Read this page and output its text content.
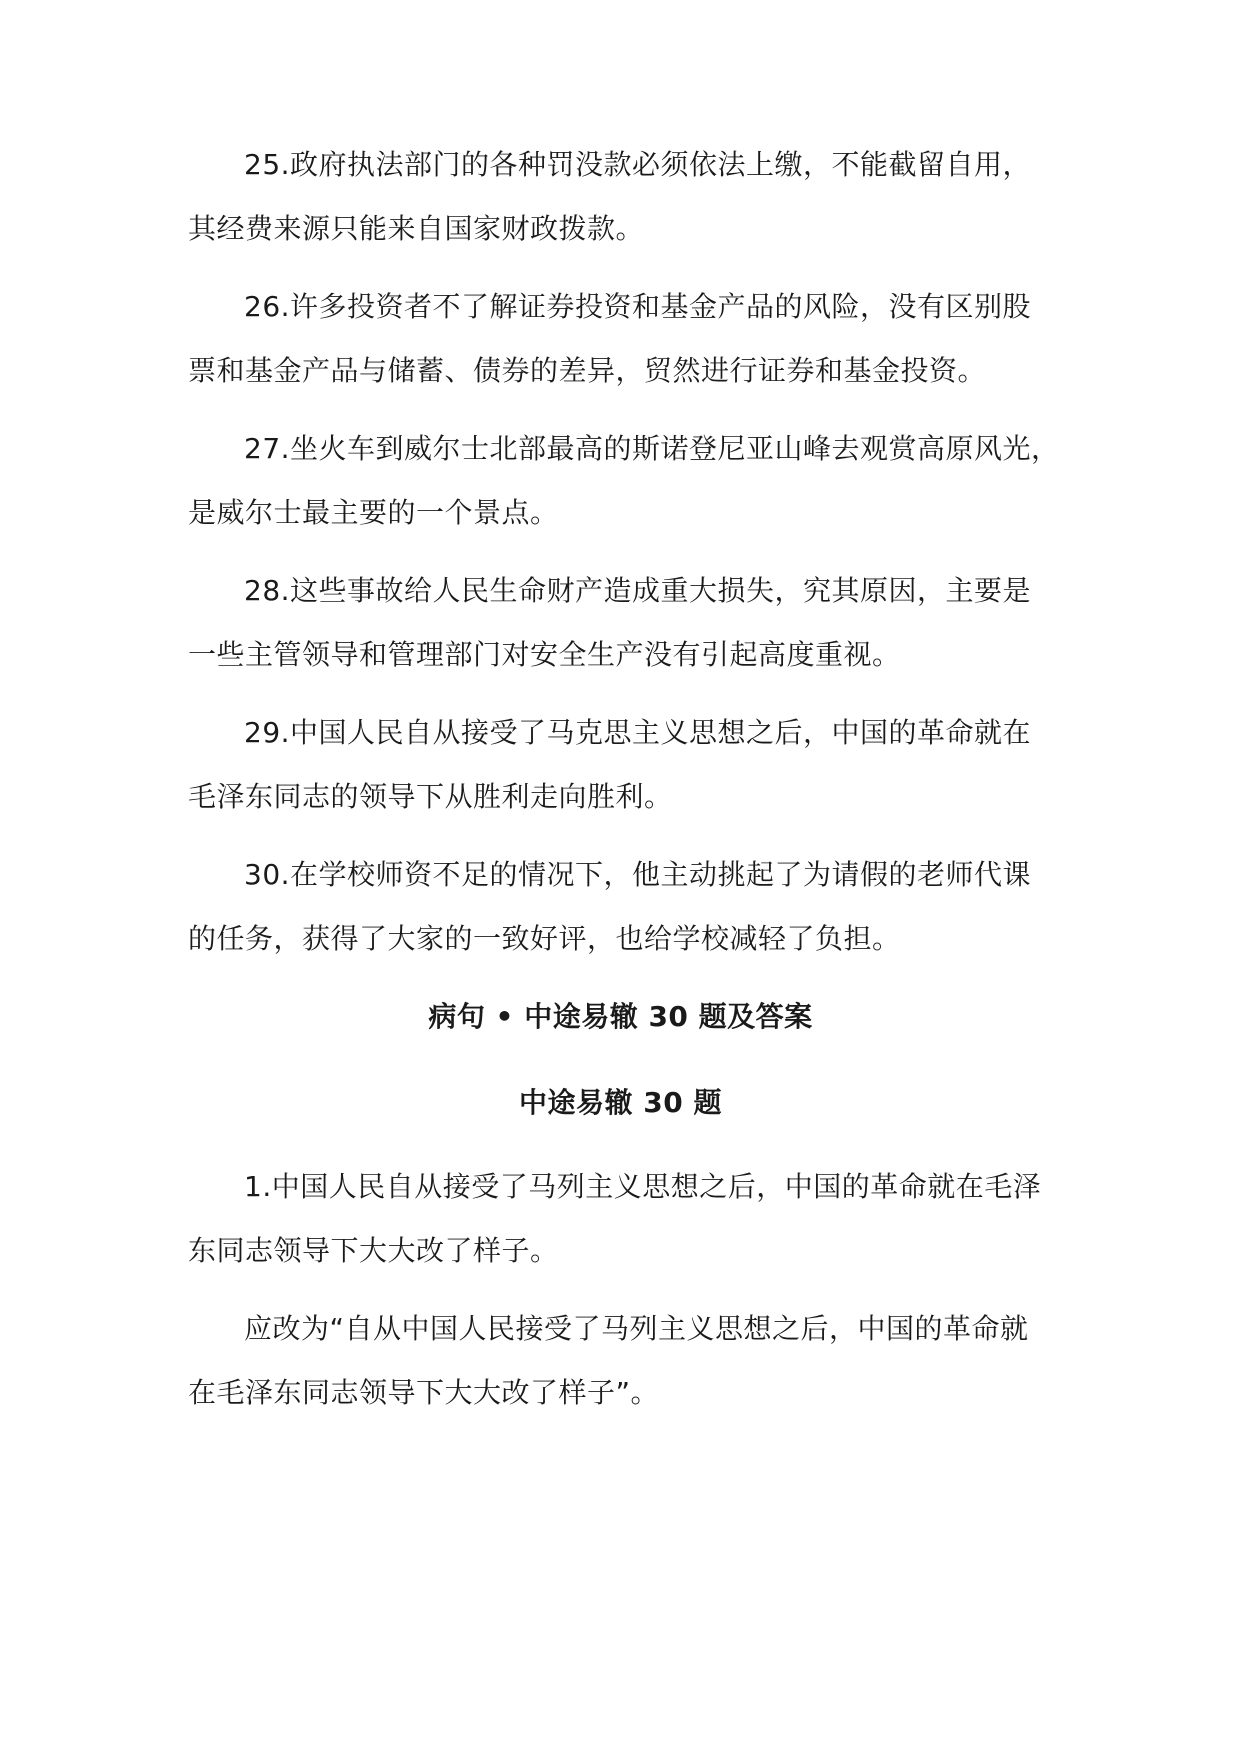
25.政府执法部门的各种罚没款必须依法上缴，不能截留自用，
其经费来源只能来自国家财政拨款。

26.许多投资者不了解证券投资和基金产品的风险，没有区别股
票和基金产品与储蓄、债券的差异，贸然进行证券和基金投资。

27.坐火车到威尔士北部最高的斯诺登尼亚山峰去观赏高原风光，
是威尔士最主要的一个景点。

28.这些事故给人民生命财产造成重大损失，究其原因，主要是
一些主管领导和管理部门对安全生产没有引起高度重视。

29.中国人民自从接受了马克思主义思想之后，中国的革命就在
毛泽东同志的领导下从胜利走向胜利。

30.在学校师资不足的情况下，他主动挑起了为请假的老师代课
的任务，获得了大家的一致好评，也给学校减轻了负担。

病句 • 中途易辙 30 题及答案
中途易辙 30 题

1.中国人民自从接受了马列主义思想之后，中国的革命就在毛泽
东同志领导下大大改了样子。

应改为“自从中国人民接受了马列主义思想之后，中国的革命就
在毛泽东同志领导下大大改了样子”。
